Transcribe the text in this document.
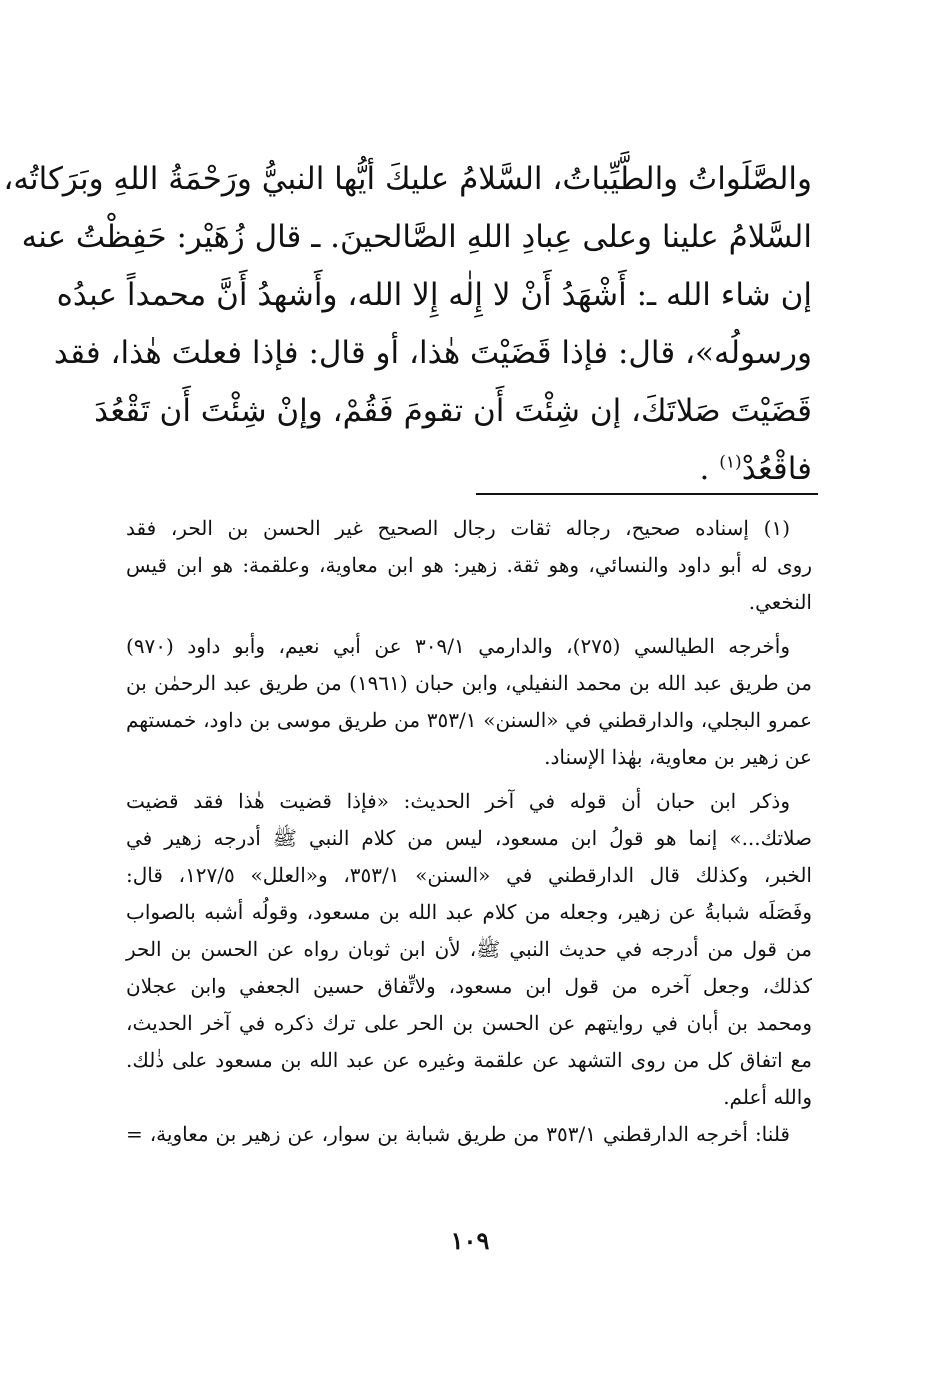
والصَّلَواتُ والطَّيِّباتُ، السَّلامُ عليكَ أيُّها النبيُّ ورَحْمَةُ اللهِ وبَرَكاتُه،

السَّلامُ علينا وعلى عِبادِ اللهِ الصَّالحينَ. ـ قال زُهَيْر: حَفِظْتُ عنه

إن شاء الله ـ: أَشْهَدُ أَنْ لا إِلٰه إِلا الله، وأَشهدُ أَنَّ محمداً عبدُه

ورسولُه»، قال: فإذا قَضَيْتَ هٰذا، أو قال: فإذا فعلتَ هٰذا، فقد

قَضَيْتَ صَلاتَكَ، إن شِئْتَ أَن تقومَ فَقُمْ، وإنْ شِئْتَ أَن تَقْعُدَ

فاقْعُدْ$^{(١)}$ .

(١) إسناده صحيح، رجاله ثقات رجال الصحيح غير الحسن بن الحر، فقد

روى له أبو داود والنسائي، وهو ثقة. زهير: هو ابن معاوية، وعلقمة: هو ابن قيس

النخعي.

وأخرجه الطيالسي (٢٧٥)، والدارمي ٣٠٩/١ عن أبي نعيم، وأبو داود (٩٧٠)

من طريق عبد الله بن محمد النفيلي، وابن حبان (١٩٦١) من طريق عبد الرحمٰن بن

عمرو البجلي، والدارقطني في «السنن» ٣٥٣/١ من طريق موسى بن داود، خمستهم

عن زهير بن معاوية، بهٰذا الإسناد.

وذكر ابن حبان أن قوله في آخر الحديث: «فإذا قضيت هٰذا فقد قضيت

صلاتك...» إنما هو قولُ ابن مسعود، ليس من كلام النبي ﷺ أدرجه زهير في

الخبر، وكذلك قال الدارقطني في «السنن» ٣٥٣/١، و«العلل» ١٢٧/٥، قال:

وفَصَلَه شبابةُ عن زهير، وجعله من كلام عبد الله بن مسعود، وقولُه أشبه بالصواب

من قول من أدرجه في حديث النبي ﷺ، لأن ابن ثوبان رواه عن الحسن بن الحر

كذلك، وجعل آخره من قول ابن مسعود، ولاتِّفاق حسين الجعفي وابن عجلان

ومحمد بن أبان في روايتهم عن الحسن بن الحر على ترك ذكره في آخر الحديث،

مع اتفاق كل من روى التشهد عن علقمة وغيره عن عبد الله بن مسعود على ذٰلك.

والله أعلم.

قلنا: أخرجه الدارقطني ٣٥٣/١ من طريق شبابة بن سوار، عن زهير بن معاوية، =

١٠٩
